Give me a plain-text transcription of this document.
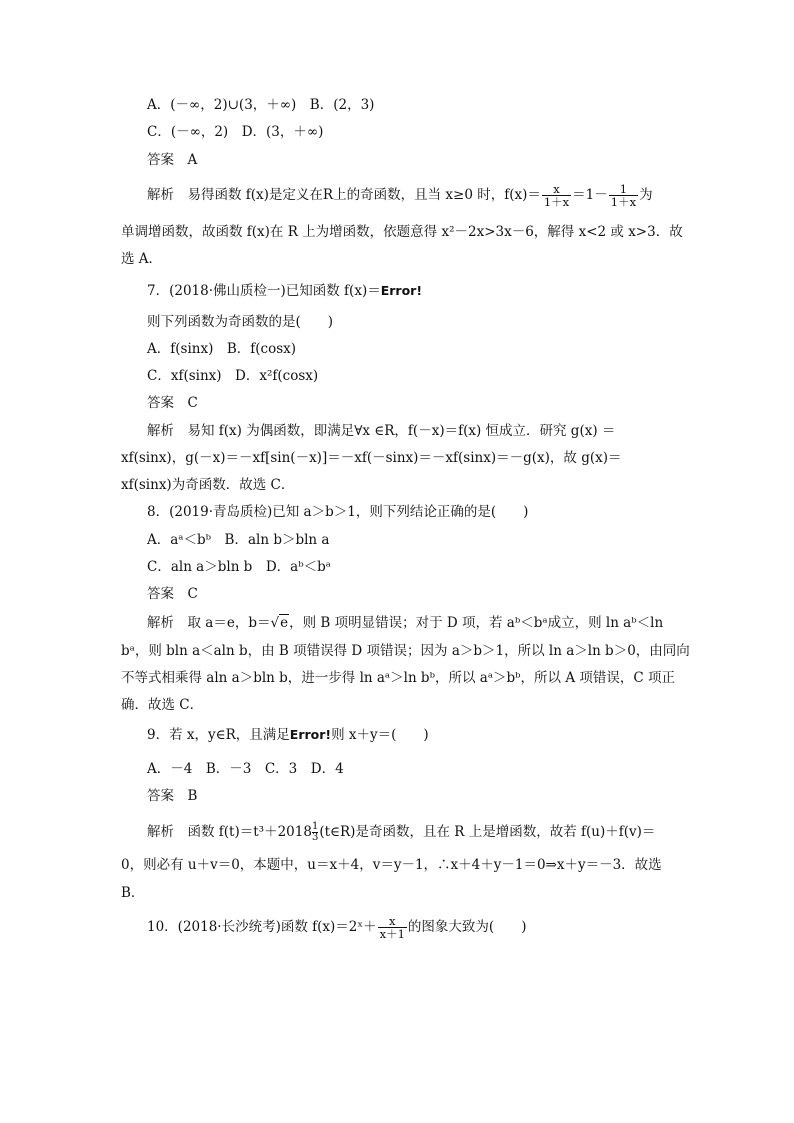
A．(－∞，2)∪(3，＋∞)　B．(2，3)
C．(－∞，2)　D．(3，＋∞)
答案　A
解析　易得函数 f(x)是定义在R上的奇函数，且当 x≥0 时，$f(x)= \frac{x}{1+x} =1- \frac{1}{1+x}$ 为
单调增函数，故函数 f(x)在 R 上为增函数，依题意得 x²－2x>3x－6，解得 x<2 或 x>3．故
选 A．
7．(2018·佛山质检一)已知函数 f(x)＝Error!
则下列函数为奇函数的是(　　)
A．f(sinx)　B．f(cosx)
C．xf(sinx)　D．x²f(cosx)
答案　C
解析　易知 f(x) 为偶函数，即满足∀x ∈R，f(－x)＝f(x) 恒成立．研究 g(x) ＝
xf(sinx)，g(－x)＝－xf[sin(－x)]＝－xf(－sinx)＝－xf(sinx)＝－g(x)，故 g(x)＝
xf(sinx)为奇函数．故选 C．
8．(2019·青岛质检)已知 a＞b＞1，则下列结论正确的是(　　)
A．aᵃ＜bᵇ　B．aln b＞bln a
C．aln a＞bln b　D．aᵇ＜bᵃ
答案　C
解析　取 a＝e，b＝√e，则 B 项明显错误；对于 D 项，若 aᵇ＜bᵃ成立，则 ln aᵇ＜ln
bᵃ，则 bln a＜aln b，由 B 项错误得 D 项错误；因为 a＞b＞1，所以 ln a＞ln b＞0，由同向
不等式相乘得 aln a＞bln b，进一步得 ln aᵃ＞ln bᵇ，所以 aᵃ＞bᵇ，所以 A 项错误，C 项正
确．故选 C．
9．若 x，y∈R，且满足Error!则 x＋y＝(　　)
A．－4　B．－3　C．3　D．4
答案　B
解析　函数 $f(t)=t^3+2018 \frac{1}{3}$ (t∈R)是奇函数，且在 R 上是增函数，故若 f(u)＋f(v)＝
0，则必有 u＋v＝0，本题中，u＝x＋4，v＝y－1，∴x＋4＋y－1＝0⇒x＋y＝－3．故选
B．
10．(2018·长沙统考)函数 f(x)＝2ˣ＋ $\frac{x}{x+1}$ 的图象大致为(　　)
